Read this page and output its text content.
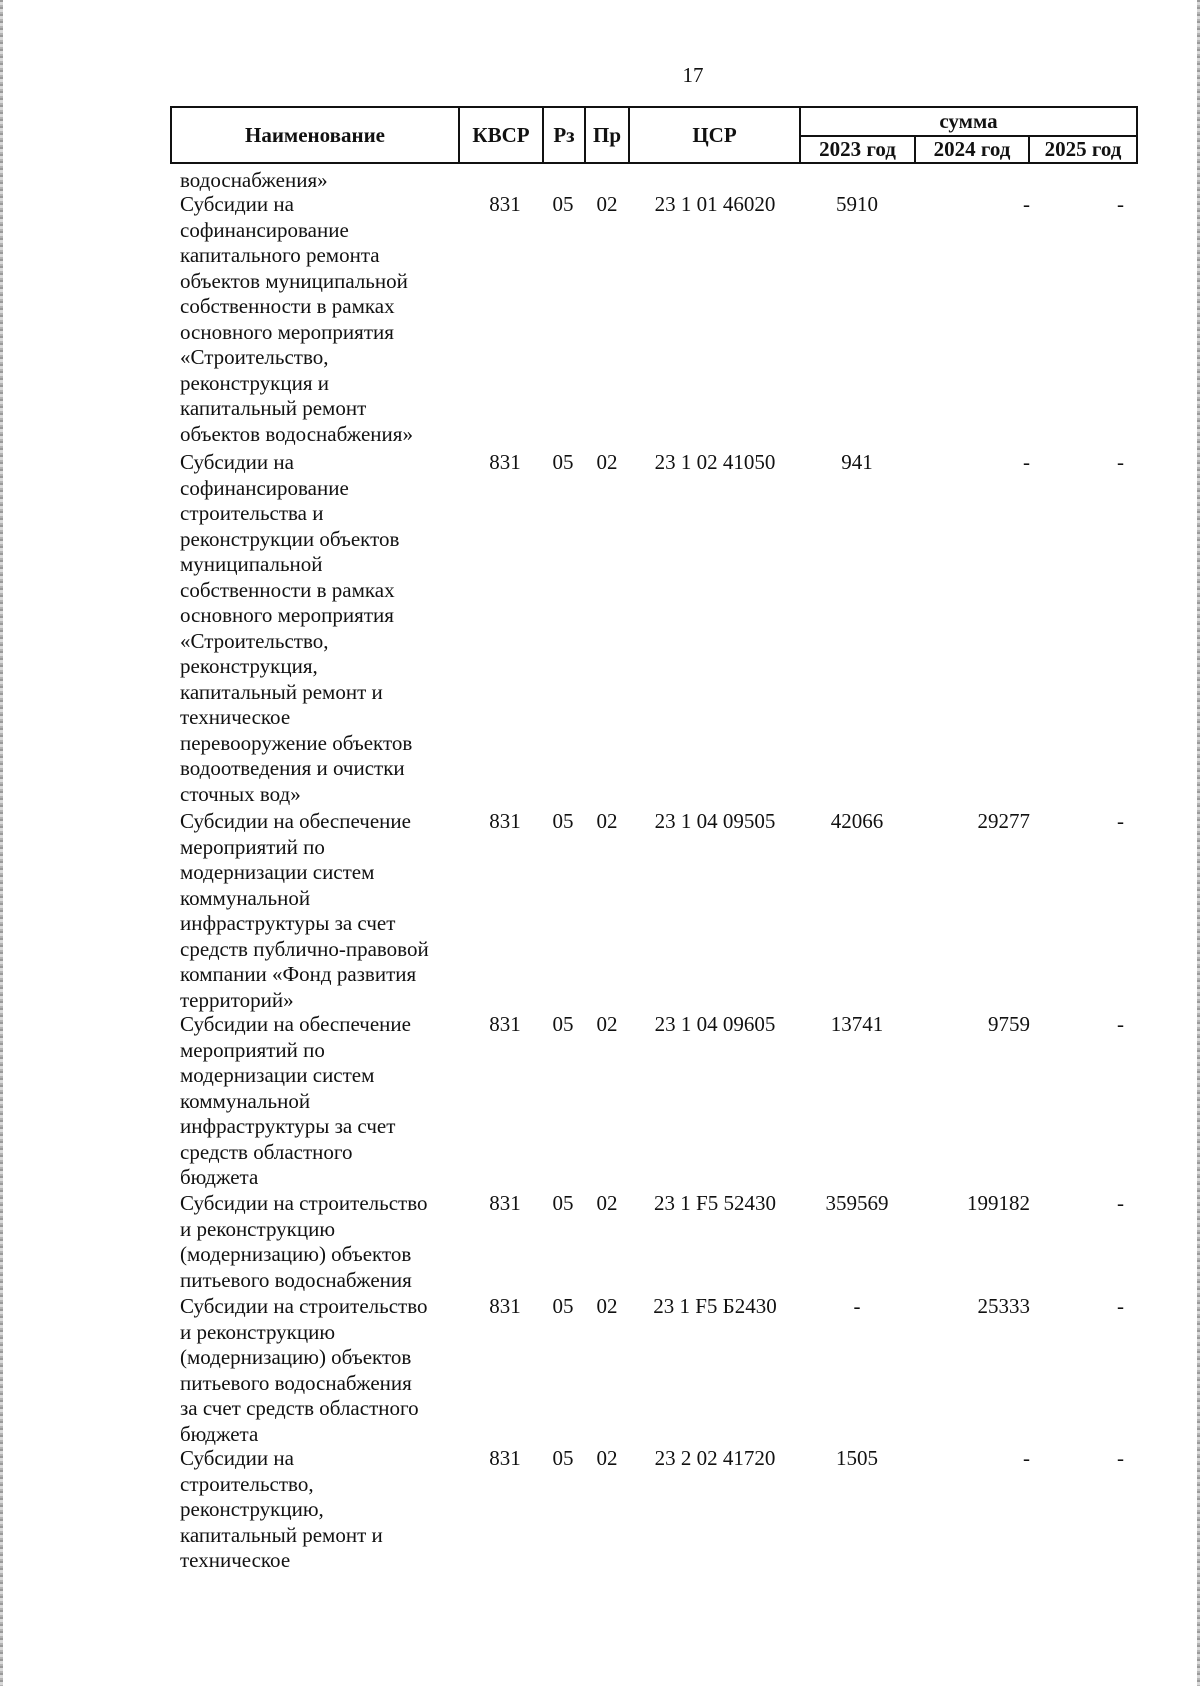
17
Наименование	КВСР	Рз Пр	ЦСР
сумма
2023 год	2024 год	2025 год
водоснабжения»
Субсидии на
софинансирование
капитального ремонта
объектов муниципальной
собственности в рамках
основного мероприятия
«Строительство,
реконструкция и
капитальный ремонт
объектов водоснабжения»
831 05 02	23 1 01 46020	5910	-	-
Субсидии на
софинансирование
строительства и
реконструкции объектов
муниципальной
собственности в рамках
основного мероприятия
«Строительство,
реконструкция,
капитальный ремонт и
техническое
перевооружение объектов
водоотведения и очистки
сточных вод»
831 05 02	23 1 02 41050	941	-	-
Субсидии на обеспечение
мероприятий по
модернизации систем
коммунальной
инфраструктуры за счет
средств публично-правовой
компании «Фонд развития
территорий»
831 05 02	23 1 04 09505	42066	29277	-
Субсидии на обеспечение
мероприятий по
модернизации систем
коммунальной
инфраструктуры за счет
средств областного
бюджета
831 05 02	23 1 04 09605	13741	9759	-
Субсидии на строительство
и реконструкцию
(модернизацию) объектов
питьевого водоснабжения
831 05 02	23 1 F5 52430	359569	199182	-
Субсидии на строительство
и реконструкцию
(модернизацию) объектов
питьевого водоснабжения
за счет средств областного
бюджета
831 05 02	23 1 F5 Б2430	-	25333	-
Субсидии на
строительство,
реконструкцию,
капитальный ремонт и
техническое
831 05 02	23 2 02 41720	1505	-	-
